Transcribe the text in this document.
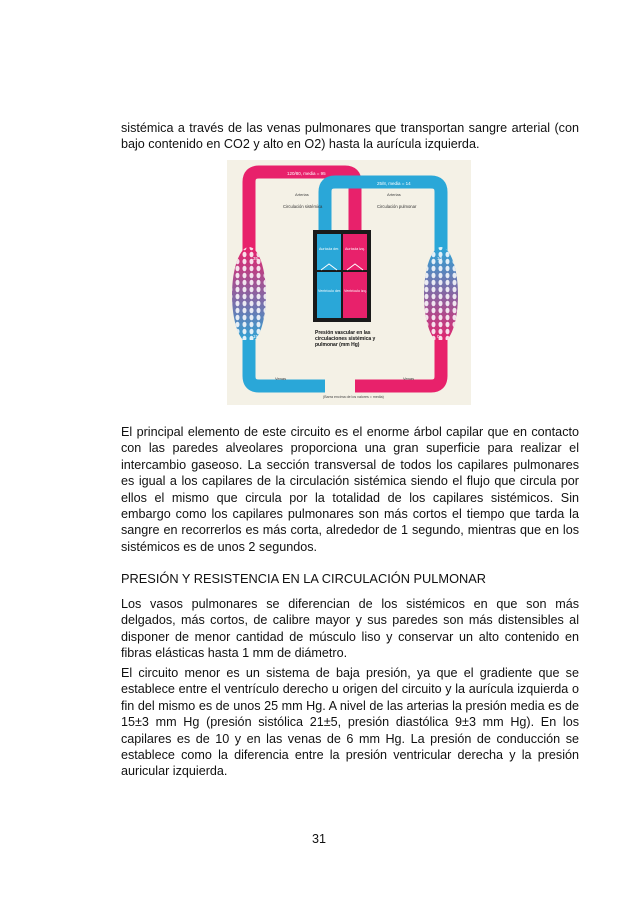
sistémica a través de las venas pulmonares que transportan sangre arterial (con bajo contenido en CO2 y alto en O2) hasta la aurícula izquierda.

120/80, media = 95
25/8, media = 14
Arterias	Arterias
Circulación sistémica	Circulación pulmonar
Aurícula der. Aurícula izq.
Ventrículo der. Ventrículo izq.
35
15
10
0
Presión vascular en las circulaciones sistémica y pulmonar (mm Hg)
Venas	Venas
(Barra encima de los valores = media)

El principal elemento de este circuito es el enorme árbol capilar que en contacto con las paredes alveolares proporciona una gran superficie para realizar el intercambio gaseoso. La sección transversal de todos los capilares pulmonares es igual a los capilares de la circulación sistémica siendo el flujo que circula por ellos el mismo que circula por la totalidad de los capilares sistémicos. Sin embargo como los capilares pulmonares son más cortos el tiempo que tarda la sangre en recorrerlos es más corta, alrededor de 1 segundo, mientras que en los sistémicos es de unos 2 segundos.

PRESIÓN Y RESISTENCIA EN LA CIRCULACIÓN PULMONAR

Los vasos pulmonares se diferencian de los sistémicos en que son más delgados, más cortos, de calibre mayor y sus paredes son más distensibles al disponer de menor cantidad de músculo liso y conservar un alto contenido en fibras elásticas hasta 1 mm de diámetro.

El circuito menor es un sistema de baja presión, ya que el gradiente que se establece entre el ventrículo derecho u origen del circuito y la aurícula izquierda o fin del mismo es de unos 25 mm Hg. A nivel de las arterias la presión media es de 15±3 mm Hg (presión sistólica 21±5, presión diastólica 9±3 mm Hg). En los capilares es de 10 y en las venas de 6 mm Hg. La presión de conducción se establece como la diferencia entre la presión ventricular derecha y la presión auricular izquierda.

31
